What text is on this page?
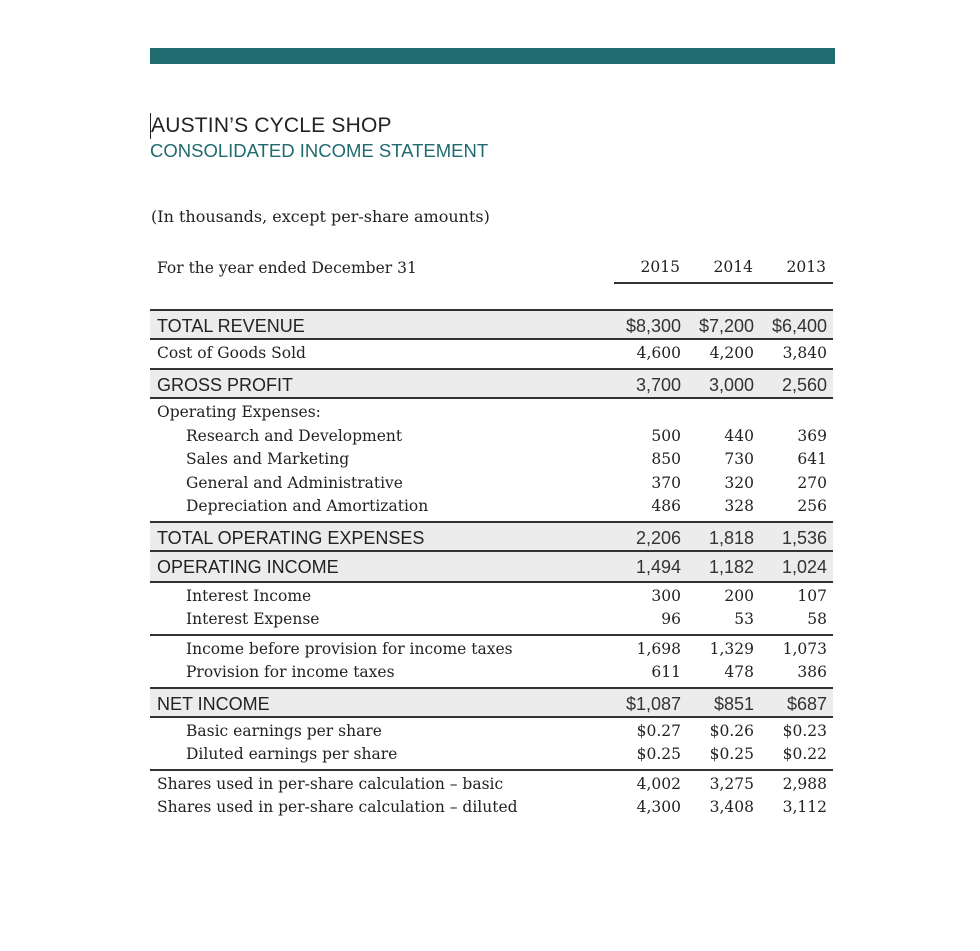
AUSTIN’S CYCLE SHOP
CONSOLIDATED INCOME STATEMENT
(In thousands, except per-share amounts)
For the year ended December 31	2015	2014	2013
TOTAL REVENUE	$8,300 $7,200 $6,400
Cost of Goods Sold	4,600	4,200	3,840
GROSS PROFIT	3,700	3,000	2,560
Operating Expenses:
Research and Development	500	440	369
Sales and Marketing	850	730	641
General and Administrative	370	320	270
Depreciation and Amortization	486	328	256
TOTAL OPERATING EXPENSES	2,206	1,818	1,536
OPERATING INCOME	1,494	1,182	1,024
Interest Income	300	200	107
Interest Expense	96	53	58
Income before provision for income taxes	1,698	1,329	1,073
Provision for income taxes	611	478	386
NET INCOME	$1,087	$851	$687
Basic earnings per share	$0.27	$0.26	$0.23
Diluted earnings per share	$0.25	$0.25	$0.22
Shares used in per-share calculation – basic	4,002	3,275	2,988
Shares used in per-share calculation – diluted	4,300	3,408	3,112
